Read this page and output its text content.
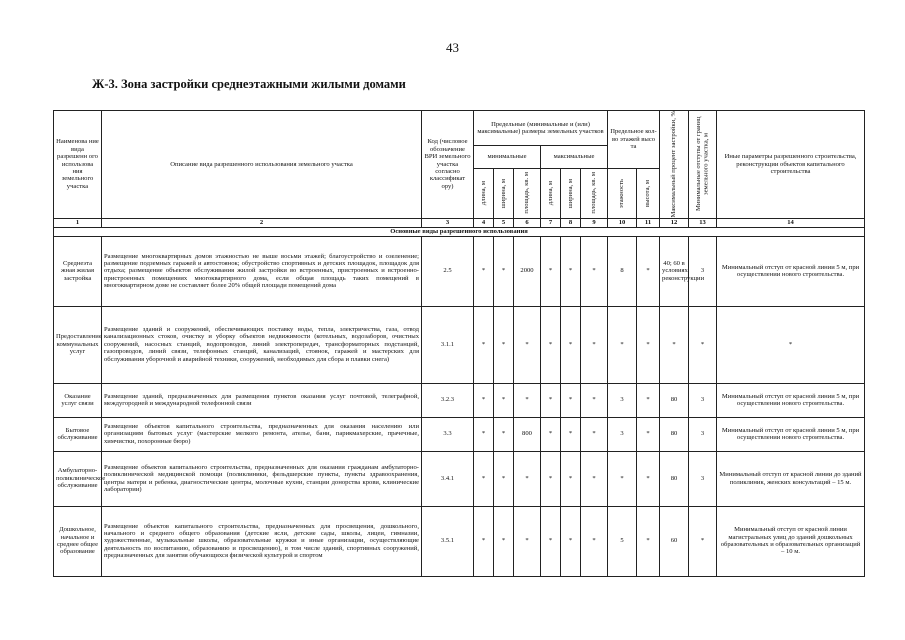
43
Ж-3. Зона застройки среднеэтажными жилыми домами
Наименова ние вида разрешенн ого использова ния земельного участка	Описание вида разрешенного использования земельного участка	Код (числовое обозначение ВРИ земельного участка согласно классификат ору)	Предельные (минимальные и (или) максимальные) размеры земельных участков						Предельное кол-во этажей высо та		Максимальный процент застройки, %	Минимальные отступы от границ земельного участка, м	Иные параметры разрешенного строительства, реконструкции объектов капитального строительства
			минимальные			максимальные							

			длина, м	ширина, м	площадь, кв. м	длина, м	ширина, м	площадь, кв. м	этажность	высота, м			

1	2	3	4	5	6	7	8	9	10	11	12	13	14
Основные виды разрешенного использования													
Среднеэта жная жилая застройка	Размещение многоквартирных домов этажностью не выше восьми этажей; благоустройство и озеленение; размещение подземных гаражей и автостоянок; обустройство спортивных и детских площадок, площадок для отдыха; размещение объектов обслуживания жилой застройки во встроенных, пристроенных и встроенно-пристроенных помещениях многоквартирного дома, если общая площадь таких помещений в многоквартирном доме не составляет более 20% общей площади помещений дома	2.5	*	*	2000	*	*	*	8	*	40; 60 в условиях реконструкции	3	Минимальный отступ от красной линии 5 м, при осуществлении нового строительства.
Предоставление коммунальных услуг	Размещение зданий и сооружений, обеспечивающих поставку воды, тепла, электричества, газа, отвод канализационных стоков, очистку и уборку объектов недвижимости (котельных, водозаборов, очистных сооружений, насосных станций, водопроводов, линий электропередач, трансформаторных подстанций, газопроводов, линий связи, телефонных станций, канализаций, стоянок, гаражей и мастерских для обслуживания уборочной и аварийной техники, сооружений, необходимых для сбора и плавки снега)	3.1.1	*	*	*	*	*	*	*	*	*	*	*
Оказание услуг связи	Размещение зданий, предназначенных для размещения пунктов оказания услуг почтовой, телеграфной, междугородней и международной телефонной связи	3.2.3	*	*	*	*	*	*	3	*	80	3	Минимальный отступ от красной линии 5 м, при осуществлении нового строительства.
Бытовое обслуживание	Размещение объектов капитального строительства, предназначенных для оказания населению или организациям бытовых услуг (мастерские мелкого ремонта, ателье, бани, парикмахерские, прачечные, химчистки, похоронные бюро)	3.3	*	*	800	*	*	*	3	*	80	3	Минимальный отступ от красной линии 5 м, при осуществлении нового строительства.
Амбулаторно-поликлиническое обслуживание	Размещение объектов капитального строительства, предназначенных для оказания гражданам амбулаторно-поликлинической медицинской помощи (поликлиники, фельдшерские пункты, пункты здравоохранения, центры матери и ребенка, диагностические центры, молочные кухни, станции донорства крови, клинические лаборатории)	3.4.1	*	*	*	*	*	*	*	*	80	3	Минимальный отступ от красной линии до зданий поликлиник, женских консультаций – 15 м.
Дошкольное, начальное и среднее общее образование	Размещение объектов капитального строительства, предназначенных для просвещения, дошкольного, начального и среднего общего образования (детские ясли, детские сады, школы, лицеи, гимназии, художественные, музыкальные школы, образовательные кружки и иные организации, осуществляющие деятельность по воспитанию, образованию и просвещению), в том числе зданий, спортивных сооружений, предназначенных для занятия обучающихся физической культурой и спортом	3.5.1	*	*	*	*	*	*	5	*	60	*	Минимальный отступ от красной линии магистральных улиц до зданий дошкольных образовательных и образовательных организаций – 10 м.
